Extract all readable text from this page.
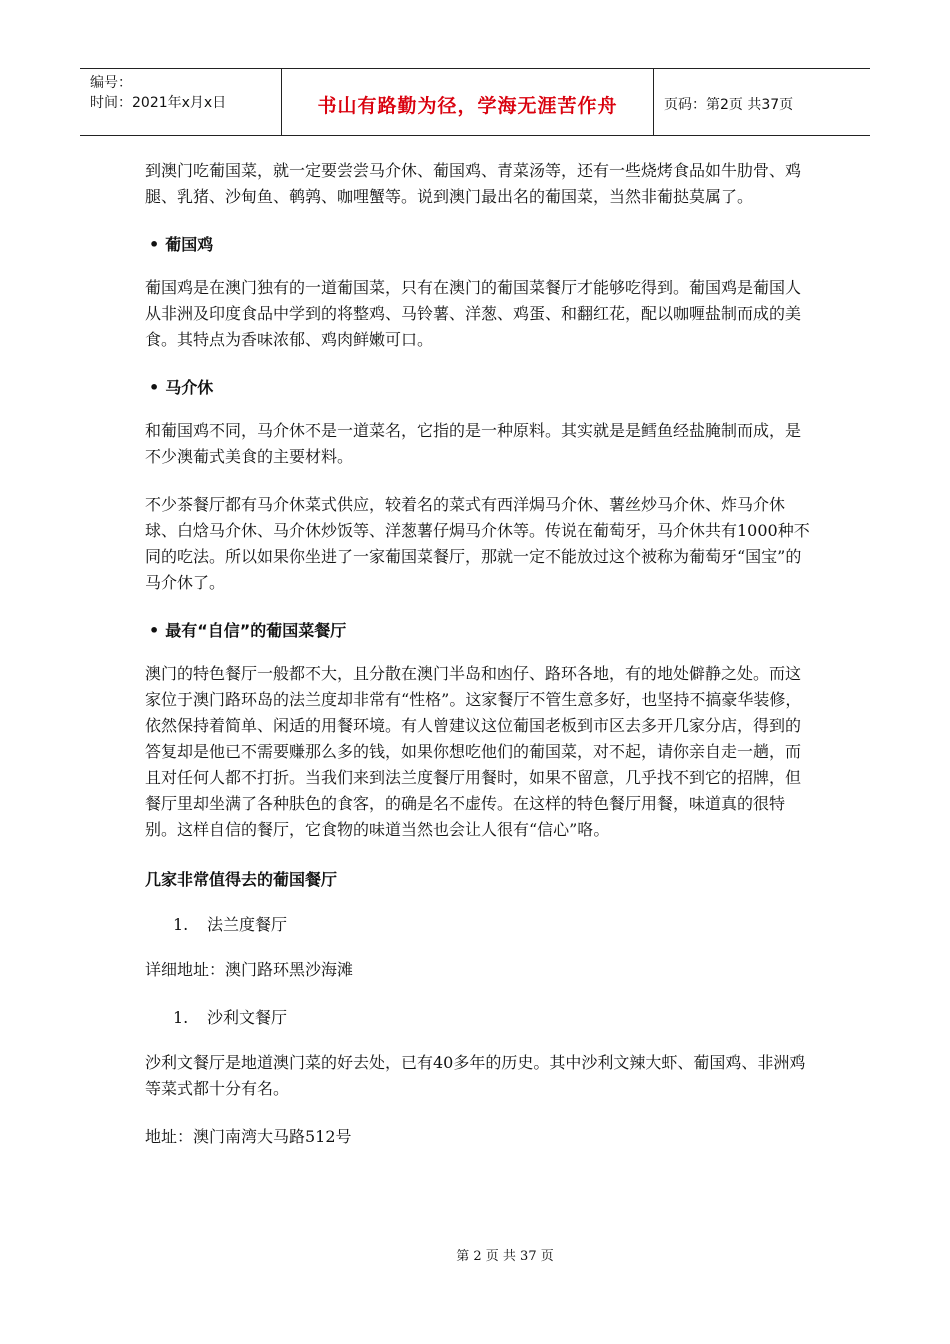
编号：
时间：2021年x月x日	书山有路勤为径，学海无涯苦作舟	页码：第2页 共37页

到澳门吃葡国菜，就一定要尝尝马介休、葡国鸡、青菜汤等，还有一些烧烤食品如牛肋骨、鸡腿、乳猪、沙甸鱼、鹌鹑、咖哩蟹等。说到澳门最出名的葡国菜，当然非葡挞莫属了。

• 葡国鸡

葡国鸡是在澳门独有的一道葡国菜，只有在澳门的葡国菜餐厅才能够吃得到。葡国鸡是葡国人从非洲及印度食品中学到的将整鸡、马铃薯、洋葱、鸡蛋、和翻红花，配以咖喱盐制而成的美食。其特点为香味浓郁、鸡肉鲜嫩可口。

• 马介休

和葡国鸡不同，马介休不是一道菜名，它指的是一种原料。其实就是是鳕鱼经盐腌制而成，是不少澳葡式美食的主要材料。

不少茶餐厅都有马介休菜式供应，较着名的菜式有西洋焗马介休、薯丝炒马介休、炸马介休球、白焓马介休、马介休炒饭等、洋葱薯仔焗马介休等。传说在葡萄牙，马介休共有1000种不同的吃法。所以如果你坐进了一家葡国菜餐厅，那就一定不能放过这个被称为葡萄牙“国宝”的马介休了。

• 最有“自信”的葡国菜餐厅

澳门的特色餐厅一般都不大，且分散在澳门半岛和凼仔、路环各地，有的地处僻静之处。而这家位于澳门路环岛的法兰度却非常有“性格”。这家餐厅不管生意多好，也坚持不搞豪华装修，依然保持着简单、闲适的用餐环境。有人曾建议这位葡国老板到市区去多开几家分店，得到的答复却是他已不需要赚那么多的钱，如果你想吃他们的葡国菜，对不起，请你亲自走一趟，而且对任何人都不打折。当我们来到法兰度餐厅用餐时，如果不留意，几乎找不到它的招牌，但餐厅里却坐满了各种肤色的食客，的确是名不虚传。在这样的特色餐厅用餐，味道真的很特别。这样自信的餐厅，它食物的味道当然也会让人很有“信心”咯。

几家非常值得去的葡国餐厅

1. 法兰度餐厅

详细地址：澳门路环黑沙海滩

1. 沙利文餐厅

沙利文餐厅是地道澳门菜的好去处，已有40多年的历史。其中沙利文辣大虾、葡国鸡、非洲鸡等菜式都十分有名。

地址：澳门南湾大马路512号

第 2 页 共 37 页
